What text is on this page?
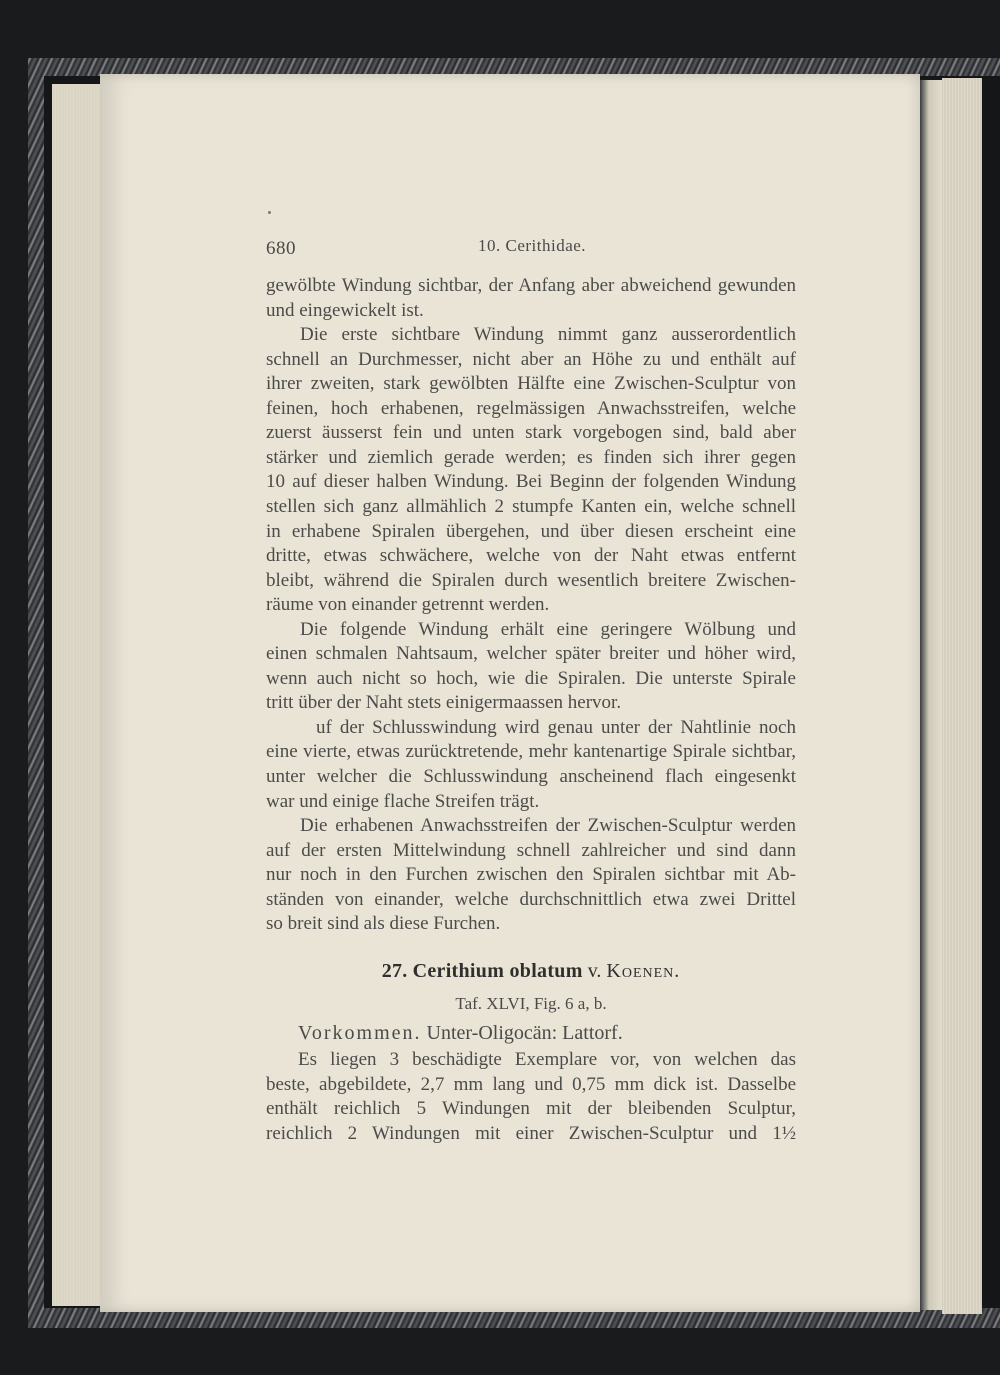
680	10. Cerithidae.
gewölbte Windung sichtbar, der Anfang aber abweichend gewunden
und eingewickelt ist.
Die erste sichtbare Windung nimmt ganz ausserordentlich
schnell an Durchmesser, nicht aber an Höhe zu und enthält auf
ihrer zweiten, stark gewölbten Hälfte eine Zwischen-Sculptur von
feinen, hoch erhabenen, regelmässigen Anwachsstreifen, welche
zuerst äusserst fein und unten stark vorgebogen sind, bald aber
stärker und ziemlich gerade werden; es finden sich ihrer gegen
10 auf dieser halben Windung. Bei Beginn der folgenden Windung
stellen sich ganz allmählich 2 stumpfe Kanten ein, welche schnell
in erhabene Spiralen übergehen, und über diesen erscheint eine
dritte, etwas schwächere, welche von der Naht etwas entfernt
bleibt, während die Spiralen durch wesentlich breitere Zwischen-
räume von einander getrennt werden.
Die folgende Windung erhält eine geringere Wölbung und
einen schmalen Nahtsaum, welcher später breiter und höher wird,
wenn auch nicht so hoch, wie die Spiralen. Die unterste Spirale
tritt über der Naht stets einigermaassen hervor.
uf der Schlusswindung wird genau unter der Nahtlinie noch
eine vierte, etwas zurücktretende, mehr kantenartige Spirale sichtbar,
unter welcher die Schlusswindung anscheinend flach eingesenkt
war und einige flache Streifen trägt.
Die erhabenen Anwachsstreifen der Zwischen-Sculptur werden
auf der ersten Mittelwindung schnell zahlreicher und sind dann
nur noch in den Furchen zwischen den Spiralen sichtbar mit Ab-
ständen von einander, welche durchschnittlich etwa zwei Drittel
so breit sind als diese Furchen.
27. Cerithium oblatum v. Koenen.
Taf. XLVI, Fig. 6 a, b.
Vorkommen. Unter-Oligocän: Lattorf.
Es liegen 3 beschädigte Exemplare vor, von welchen das
beste, abgebildete, 2,7 mm lang und 0,75 mm dick ist. Dasselbe
enthält reichlich 5 Windungen mit der bleibenden Sculptur,
reichlich 2 Windungen mit einer Zwischen-Sculptur und 1½
